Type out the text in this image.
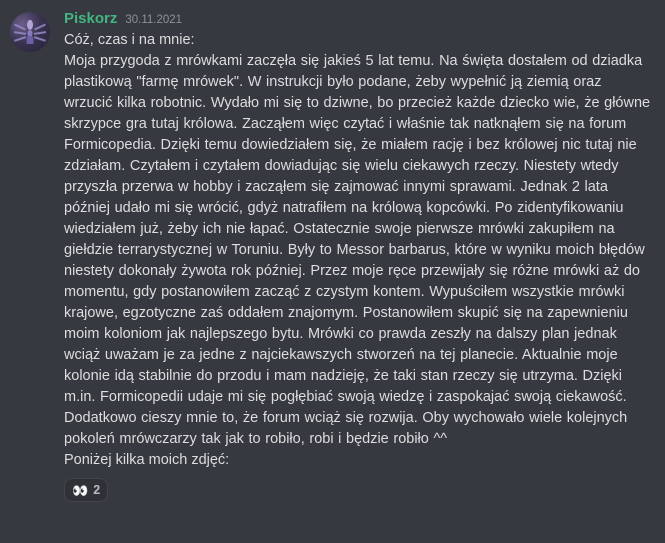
Piskorz 30.11.2021

Cóż, czas i na mnie:

Moja przygoda z mrówkami zaczęła się jakieś 5 lat temu. Na święta dostałem od dziadka plastikową "farmę mrówek". W instrukcji było podane, żeby wypełnić ją ziemią oraz wrzucić kilka robotnic. Wydało mi się to dziwne, bo przecież każde dziecko wie, że główne skrzypce gra tutaj królowa. Zacząłem więc czytać i właśnie tak natknąłem się na forum Formicopedia. Dzięki temu dowiedziałem się, że miałem rację i bez królowej nic tutaj nie zdziałam. Czytałem i czytałem dowiadując się wielu ciekawych rzeczy. Niestety wtedy przyszła przerwa w hobby i zacząłem się zajmować innymi sprawami. Jednak 2 lata później udało mi się wrócić, gdyż natrafiłem na królową kopcówki. Po zidentyfikowaniu wiedziałem już, żeby ich nie łapać. Ostatecznie swoje pierwsze mrówki zakupiłem na giełdzie terrarystycznej w Toruniu. Były to Messor barbarus, które w wyniku moich błędów niestety dokonały żywota rok później. Przez moje ręce przewijały się różne mrówki aż do momentu, gdy postanowiłem zacząć z czystym kontem. Wypuściłem wszystkie mrówki krajowe, egzotyczne zaś oddałem znajomym. Postanowiłem skupić się na zapewnieniu moim koloniom jak najlepszego bytu. Mrówki co prawda zeszły na dalszy plan jednak wciąż uważam je za jedne z najciekawszych stworzeń na tej planecie. Aktualnie moje kolonie idą stabilnie do przodu i mam nadzieję, że taki stan rzeczy się utrzyma. Dzięki m.in. Formicopedii udaje mi się pogłębiać swoją wiedzę i zaspokajać swoją ciekawość. Dodatkowo cieszy mnie to, że forum wciąż się rozwija. Oby wychowało wiele kolejnych pokoleń mrówczarzy tak jak to robiło, robi i będzie robiło ^^

Poniżej kilka moich zdjęć:

👀 2
